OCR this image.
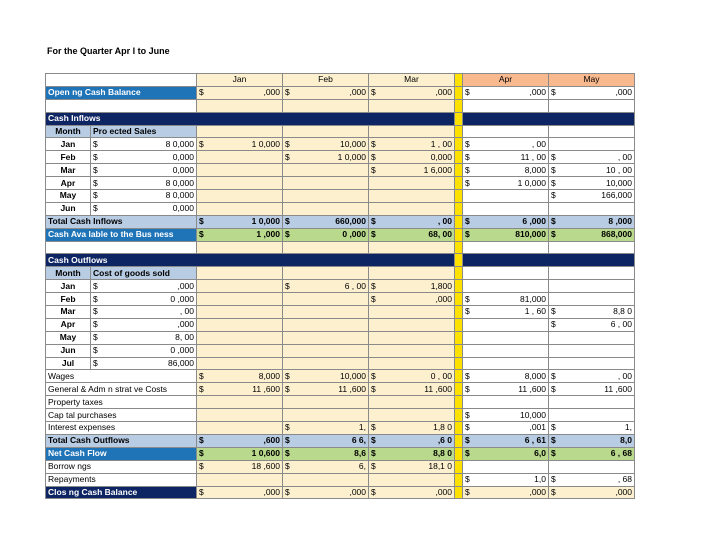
For the Quarter Apr l to June
		Jan	Feb	Mar		Apr	May
Open ng Cash Balance		$ ,000	$ ,000	$ ,000		$ ,000	$ ,000

Cash Inflows							
Month	Pro ected Sales						
Jan	$ 8 0,000	$ 1 0,000	$ 10,000	$ 1 , 00		$ , 00	

Feb	$ 0,000		$ 1 0,000	$ 0,000		$ 11 , 00	$ , 00

Mar	$ 0,000			$ 1 6,000		$ 8,000	$ 10 , 00

Apr	$ 8 0,000					$ 1 0,000	$ 10,000

May	$ 8 0,000						$ 166,000

Jun	$ 0,000						

Total Cash Inflows		$ 1 0,000	$ 660,000	$ , 00		$ 6 ,000	$ 8 ,000

Cash Ava lable to the Bus ness		$ 1 ,000	$ 0 ,000	$ 68, 00		$ 810,000	$ 868,000

Cash Outflows							
Month	Cost of goods sold						
Jan	$ ,000		$ 6 , 00	$ 1,800			

Feb	$ 0 ,000			$ ,000		$ 81,000	

Mar	$ , 00					$ 1 , 60	$ 8,8 0

Apr	$ ,000						$ 6 , 00

May	$ 8, 00						

Jun	$ 0 ,000						

Jul	$ 86,000						

Wages		$ 8,000	$ 10,000	$ 0 , 00		$ 8,000	$ , 00

General & Adm n strat ve Costs		$ 11 ,600	$ 11 ,600	$ 11 ,600		$ 11 ,600	$ 11 ,600

Property taxes							
Cap tal purchases						$ 10,000	

Interest expenses			$ 1,	$ 1,8 0		$ ,001	$ 1,

Total Cash Outflows		$ ,600	$ 6 6,	$ ,6 0		$ 6 , 61	$ 8,0

Net Cash Flow		$ 1 0,600	$ 8,6	$ 8,8 0		$ 6,0	$ 6 , 68

Borrow ngs		$ 18 ,600	$ 6,	$ 18,1 0			

Repayments						$ 1,0	$ , 68

Clos ng Cash Balance		$ ,000	$ ,000	$ ,000		$ ,000	$ ,000
